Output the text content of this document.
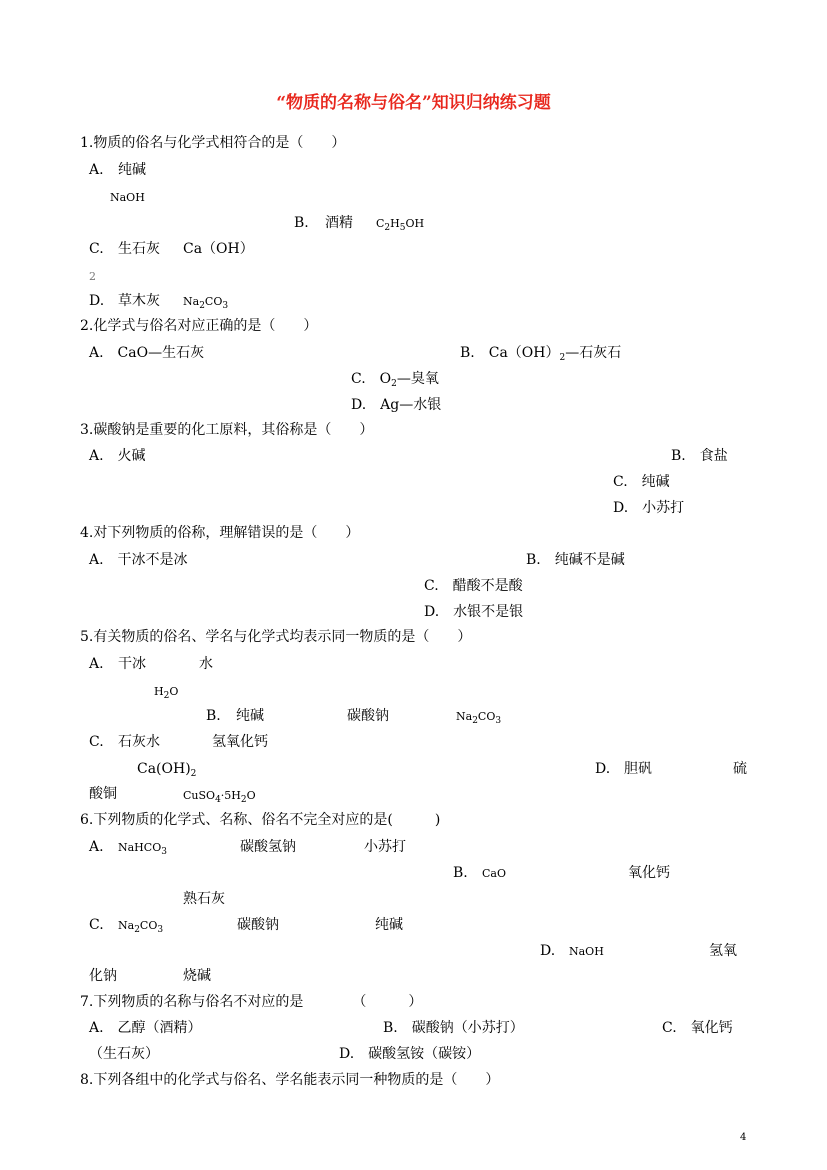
“物质的名称与俗名”知识归纳练习题
1.物质的俗名与化学式相符合的是（　　）
A. 纯碱
NaOH
B. 酒精 $C_2H_5OH$
C. 生石灰 Ca（OH）
2
D. 草木灰 $Na_2CO_3$
2.化学式与俗名对应正确的是（　　）
A.　CaO—生石灰	B.　$Ca(OH)_2—$石灰石
C.　$O_2—$臭氧
D.　Ag—水银
3.碳酸钠是重要的化工原料，其俗称是（　　）
A.　火碱	B.　食盐
C.　纯碱
D.　小苏打
4.对下列物质的俗称，理解错误的是（　　）
A.　干冰不是冰	B.　纯碱不是碱
C.　醋酸不是酸
D.　水银不是银
5.有关物质的俗名、学名与化学式均表示同一物质的是（　　）
A. 干冰	水
$H_2O$
B. 纯碱	碳酸钠	$Na_2CO_3$
C. 石灰水	氢氧化钙
$Ca(OH)_2$	D. 胆矾	硫
酸铜	$CuSO_4\cdot 5H_2O$
6.下列物质的化学式、名称、俗名不完全对应的是(　　　)
A. NaHCO$_3$	碳酸氢钠	小苏打
B. CaO	氧化钙
熟石灰
C. $Na_2CO_3$	碳酸钠	纯碱
D. NaOH	氢氧
化钠	烧碱
7.下列物质的名称与俗名不对应的是　　　　（　　　）
A.　乙醇（酒精）	B.　碳酸钠（小苏打）	C.　氧化钙
（生石灰）	D.　碳酸氢铵（碳铵）
8.下列各组中的化学式与俗名、学名能表示同一种物质的是（　　）
4
